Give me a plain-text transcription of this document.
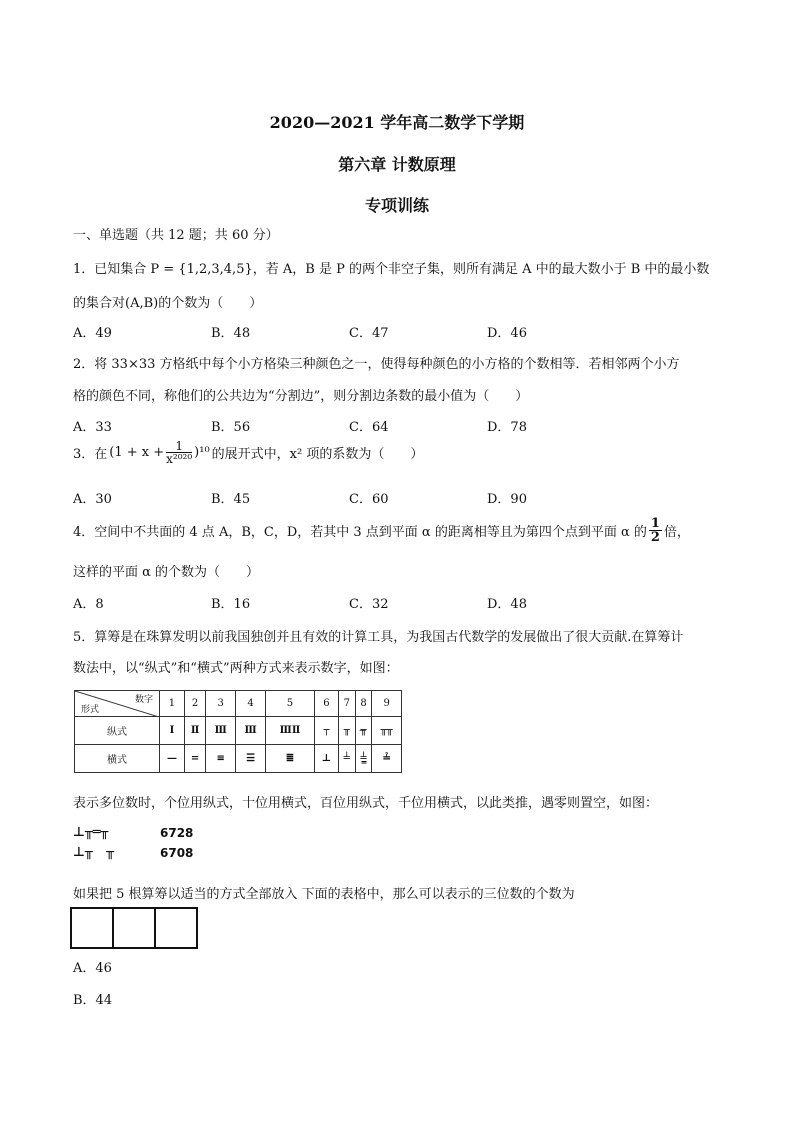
2020—2021 学年高二数学下学期
第六章 计数原理
专项训练
一、单选题（共 12 题；共 60 分）
1．已知集合 P = {1,2,3,4,5}，若 A，B 是 P 的两个非空子集，则所有满足 A 中的最大数小于 B 中的最小数
的集合对(A,B)的个数为（　　）
A．49	B．48	C．47	D．46
2．将 33×33 方格纸中每个小方格染三种颜色之一，使得每种颜色的小方格的个数相等．若相邻两个小方
格的颜色不同，称他们的公共边为“分割边”，则分割边条数的最小值为（　　）
A．33	B．56	C．64	D．78
3．在 $(1 + x + \frac{1}{\text{x²⁰²⁰}} )^{10}$ 的展开式中，x² 项的系数为（　　）
A．30	B．45	C．60	D．90
4．空间中不共面的 4 点 A，B，C，D，若其中 3 点到平面 α 的距离相等且为第四个点到平面 α 的 $\frac{1}{2}$ 倍，
这样的平面 α 的个数为（　　）
A．8	B．16	C．32	D．48
5．算筹是在珠算发明以前我国独创并且有效的计算工具，为我国古代数学的发展做出了很大贡献.在算筹计
数法中，以“纵式”和“横式”两种方式来表示数字，如图：
数字
形式	1	2	3	4	5	6	7	8	9
纵式	Ⅰ	Ⅱ	Ⅲ	Ⅲ	ⅢⅡ	┬	╥	╥̶	╥╥
横式	—	=	≡	☰	≣	⊥	╧	╧̳	≟
表示多位数时，个位用纵式，十位用横式，百位用纵式，千位用横式，以此类推，遇零则置空，如图：
⊥╥═╥	6728
⊥╥   ╥	6708
如果把 5 根算筹以适当的方式全部放入 下面的表格中，那么可以表示的三位数的个数为
A．46
B．44
